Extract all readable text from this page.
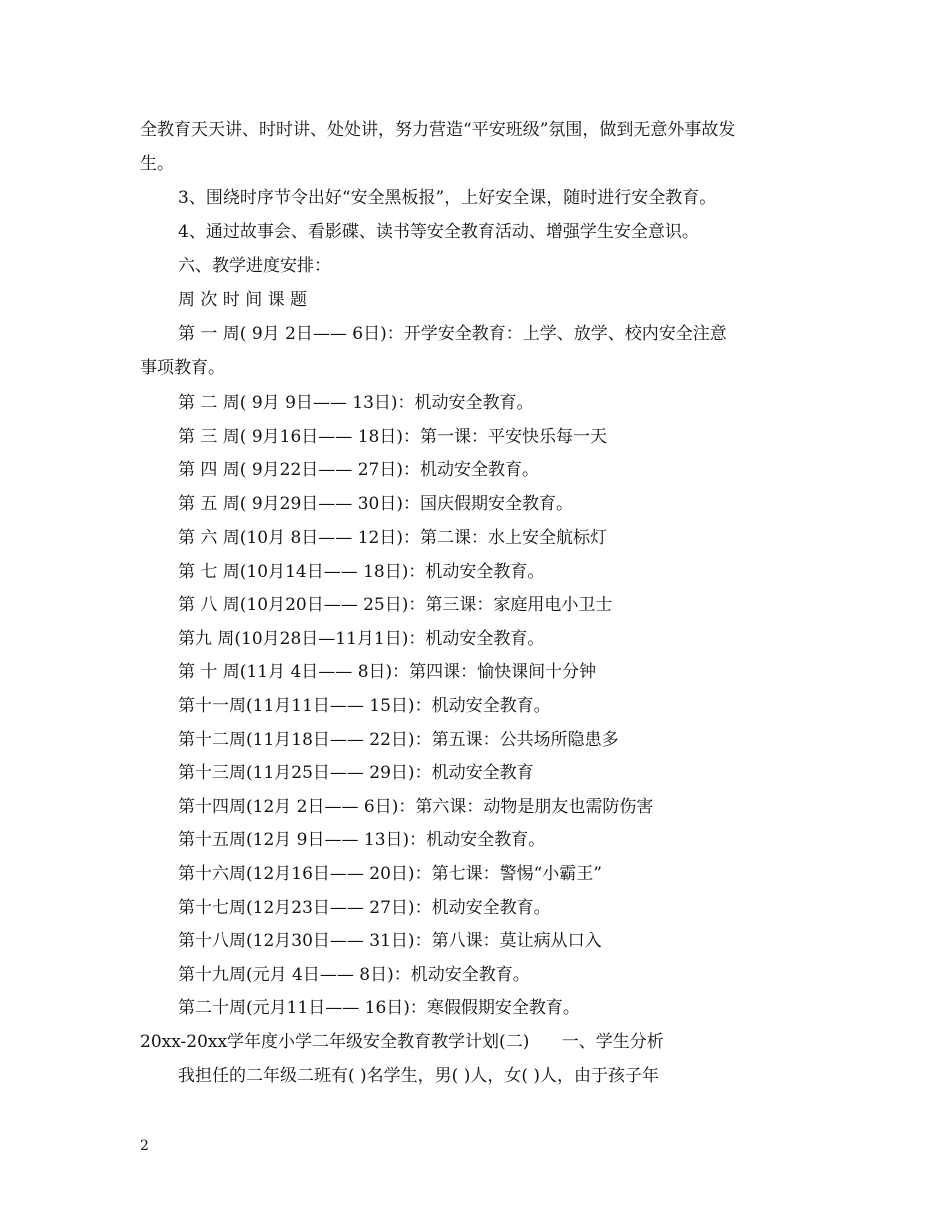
全教育天天讲、时时讲、处处讲，努力营造“平安班级”氛围，做到无意外事故发
生。
3、围绕时序节令出好“安全黑板报”，上好安全课，随时进行安全教育。
4、通过故事会、看影碟、读书等安全教育活动、增强学生安全意识。
六、教学进度安排：
周 次 时 间 课 题
第 一 周( 9月 2日—— 6日)：开学安全教育：上学、放学、校内安全注意
事项教育。
第 二 周( 9月 9日—— 13日)：机动安全教育。
第 三 周( 9月16日—— 18日)：第一课：平安快乐每一天
第 四 周( 9月22日—— 27日)：机动安全教育。
第 五 周( 9月29日—— 30日)：国庆假期安全教育。
第 六 周(10月 8日—— 12日)：第二课：水上安全航标灯
第 七 周(10月14日—— 18日)：机动安全教育。
第 八 周(10月20日—— 25日)：第三课：家庭用电小卫士
第九 周(10月28日—11月1日)：机动安全教育。
第 十 周(11月 4日—— 8日)：第四课：愉快课间十分钟
第十一周(11月11日—— 15日)：机动安全教育。
第十二周(11月18日—— 22日)：第五课：公共场所隐患多
第十三周(11月25日—— 29日)：机动安全教育
第十四周(12月 2日—— 6日)：第六课：动物是朋友也需防伤害
第十五周(12月 9日—— 13日)：机动安全教育。
第十六周(12月16日—— 20日)：第七课：警惕“小霸王”
第十七周(12月23日—— 27日)：机动安全教育。
第十八周(12月30日—— 31日)：第八课：莫让病从口入
第十九周(元月 4日—— 8日)：机动安全教育。
第二十周(元月11日—— 16日)：寒假假期安全教育。
20xx-20xx学年度小学二年级安全教育教学计划(二)      一、学生分析
我担任的二年级二班有( )名学生，男( )人，女( )人，由于孩子年
2
